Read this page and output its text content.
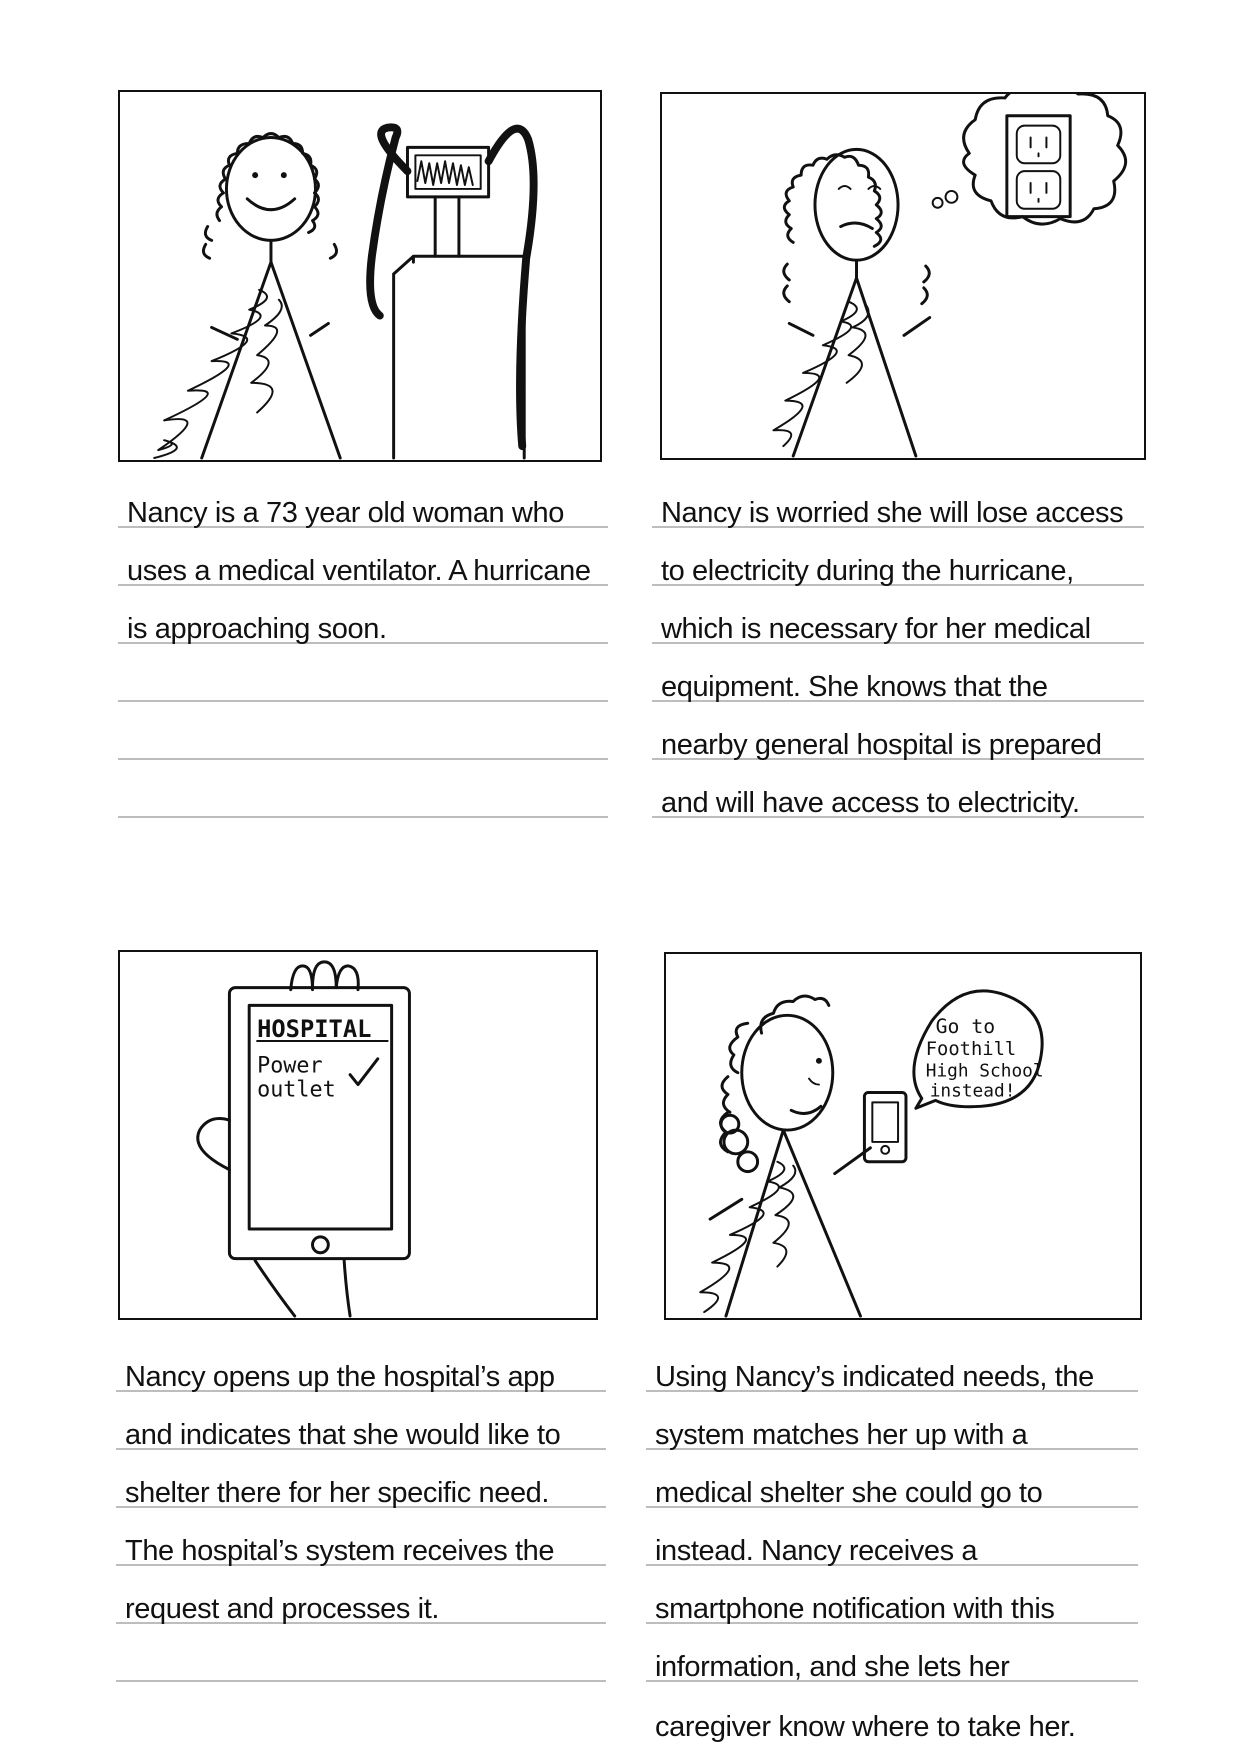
Nancy is a 73 year old woman who
uses a medical ventilator. A hurricane
is approaching soon.
Nancy is worried she will lose access
to electricity during the hurricane,
which is necessary for her medical
equipment. She knows that the
nearby general hospital is prepared
and will have access to electricity.
HOSPITAL
Power
outlet
Nancy opens up the hospital’s app
and indicates that she would like to
shelter there for her specific need.
The hospital’s system receives the
request and processes it.
Go to
Foothill
High School
instead!
Using Nancy’s indicated needs, the
system matches her up with a
medical shelter she could go to
instead. Nancy receives a
smartphone notification with this
information, and she lets her
caregiver know where to take her.
